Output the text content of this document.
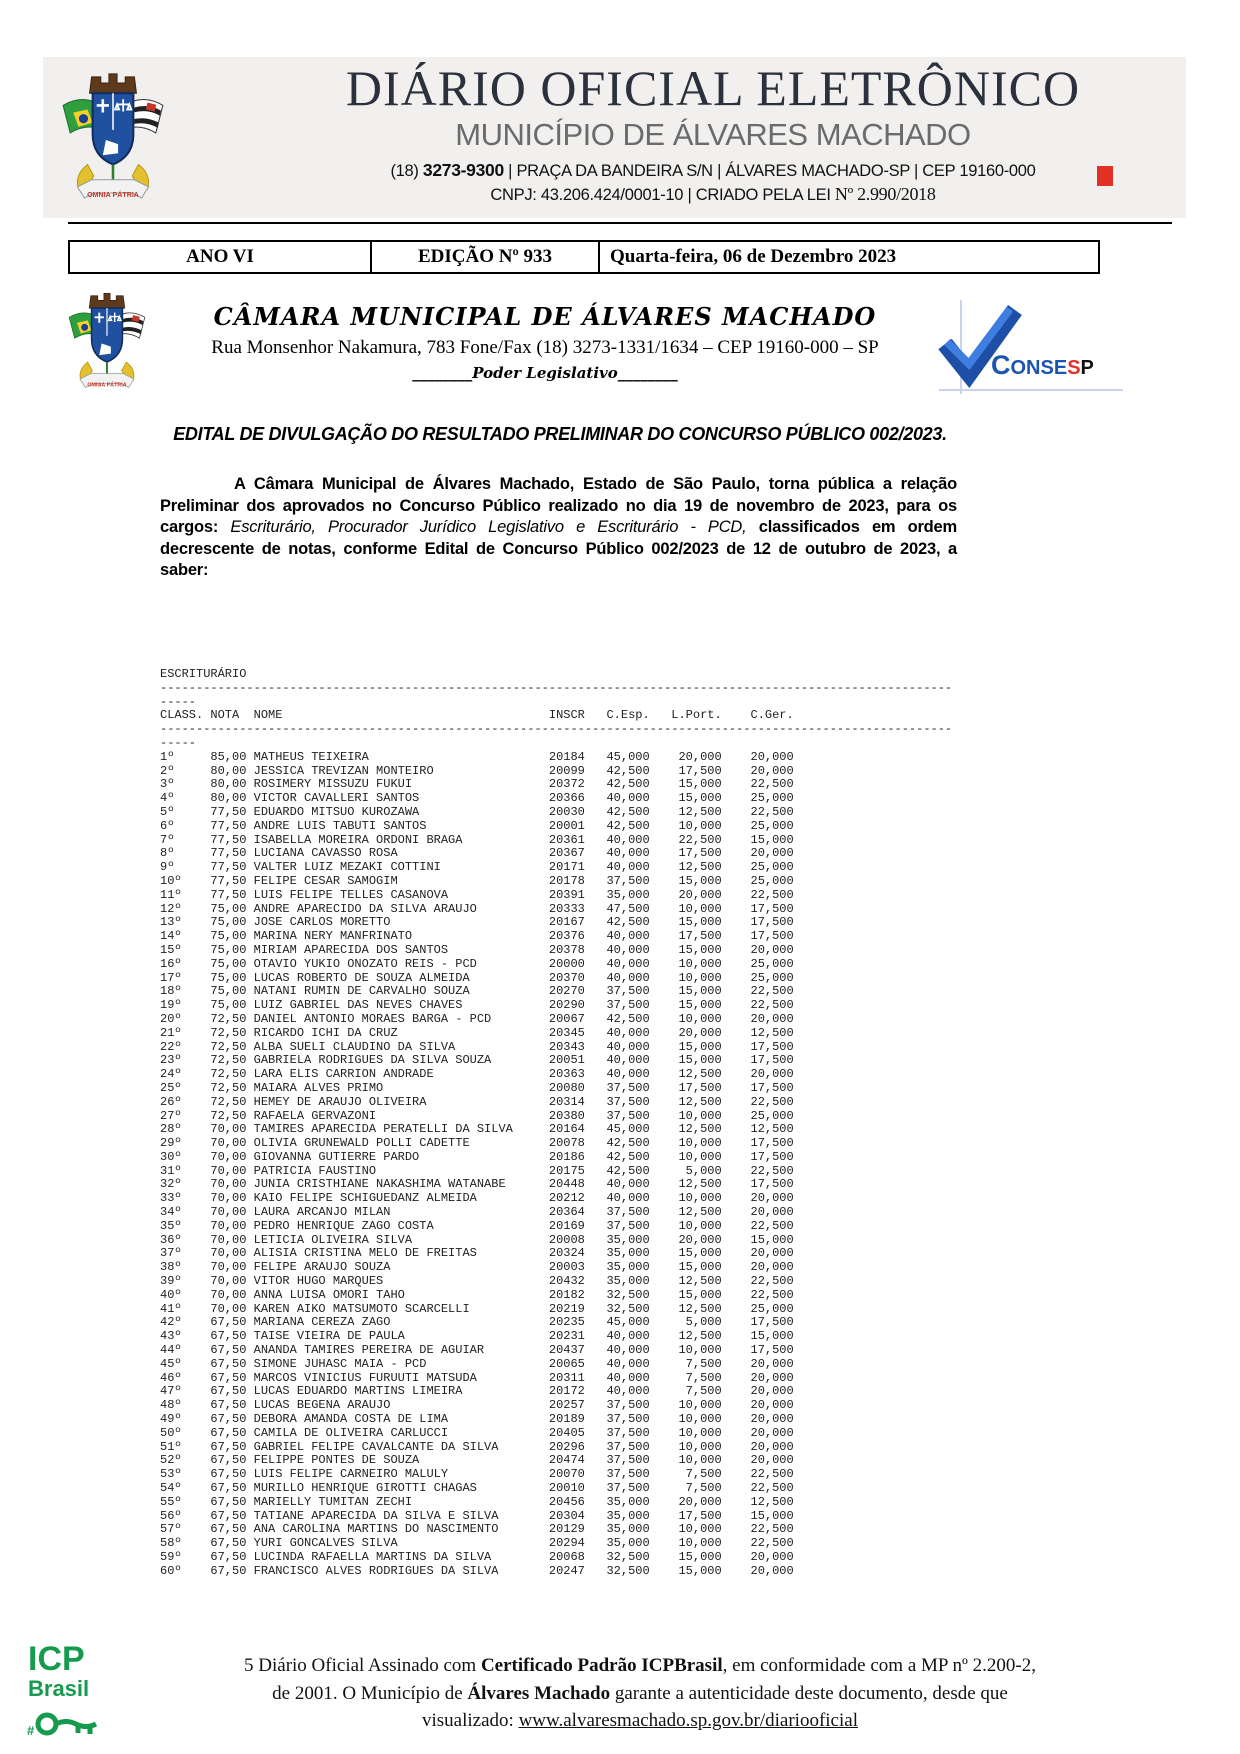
OMNIA PÁTRIA
DIÁRIO OFICIAL ELETRÔNICO
MUNICÍPIO DE ÁLVARES MACHADO
(18) 3273-9300 | PRAÇA DA BANDEIRA S/N | ÁLVARES MACHADO-SP | CEP 19160-000
CNPJ: 43.206.424/0001-10 | CRIADO PELA LEI Nº 2.990/2018
ANO VI	EDIÇÃO Nº 933	Quarta-feira, 06 de Dezembro 2023
OMNIA PÁTRIA
CÂMARA MUNICIPAL DE ÁLVARES MACHADO
Rua Monsenhor Nakamura, 783 Fone/Fax (18) 3273-1331/1634 – CEP 19160-000 – SP
________Poder Legislativo________	CONSESP
EDITAL DE DIVULGAÇÃO DO RESULTADO PRELIMINAR DO CONCURSO PÚBLICO 002/2023.
A Câmara Municipal de Álvares Machado, Estado de São Paulo, torna pública a relação Preliminar dos aprovados no Concurso Público realizado no dia 19 de novembro de 2023, para os cargos: Escriturário, Procurador Jurídico Legislativo e Escriturário - PCD, classificados em ordem decrescente de notas, conforme Edital de Concurso Público 002/2023 de 12 de outubro de 2023, a saber:
ESCRITURÁRIO
--------------------------------------------------------------------------------------------------------------
-----
CLASS. NOTA  NOME                                     INSCR   C.Esp.   L.Port.    C.Ger.
--------------------------------------------------------------------------------------------------------------
-----
1º     85,00 MATHEUS TEIXEIRA                         20184   45,000    20,000    20,000
2º     80,00 JESSICA TREVIZAN MONTEIRO                20099   42,500    17,500    20,000
3º     80,00 ROSIMERY MISSUZU FUKUI                   20372   42,500    15,000    22,500
4º     80,00 VICTOR CAVALLERI SANTOS                  20366   40,000    15,000    25,000
5º     77,50 EDUARDO MITSUO KUROZAWA                  20030   42,500    12,500    22,500
6º     77,50 ANDRE LUIS TABUTI SANTOS                 20001   42,500    10,000    25,000
7º     77,50 ISABELLA MOREIRA ORDONI BRAGA            20361   40,000    22,500    15,000
8º     77,50 LUCIANA CAVASSO ROSA                     20367   40,000    17,500    20,000
9º     77,50 VALTER LUIZ MEZAKI COTTINI               20171   40,000    12,500    25,000
10º    77,50 FELIPE CESAR SAMOGIM                     20178   37,500    15,000    25,000
11º    77,50 LUIS FELIPE TELLES CASANOVA              20391   35,000    20,000    22,500
12º    75,00 ANDRE APARECIDO DA SILVA ARAUJO          20333   47,500    10,000    17,500
13º    75,00 JOSE CARLOS MORETTO                      20167   42,500    15,000    17,500
14º    75,00 MARINA NERY MANFRINATO                   20376   40,000    17,500    17,500
15º    75,00 MIRIAM APARECIDA DOS SANTOS              20378   40,000    15,000    20,000
16º    75,00 OTAVIO YUKIO ONOZATO REIS - PCD          20000   40,000    10,000    25,000
17º    75,00 LUCAS ROBERTO DE SOUZA ALMEIDA           20370   40,000    10,000    25,000
18º    75,00 NATANI RUMIN DE CARVALHO SOUZA           20270   37,500    15,000    22,500
19º    75,00 LUIZ GABRIEL DAS NEVES CHAVES            20290   37,500    15,000    22,500
20º    72,50 DANIEL ANTONIO MORAES BARGA - PCD        20067   42,500    10,000    20,000
21º    72,50 RICARDO ICHI DA CRUZ                     20345   40,000    20,000    12,500
22º    72,50 ALBA SUELI CLAUDINO DA SILVA             20343   40,000    15,000    17,500
23º    72,50 GABRIELA RODRIGUES DA SILVA SOUZA        20051   40,000    15,000    17,500
24º    72,50 LARA ELIS CARRION ANDRADE                20363   40,000    12,500    20,000
25º    72,50 MAIARA ALVES PRIMO                       20080   37,500    17,500    17,500
26º    72,50 HEMEY DE ARAUJO OLIVEIRA                 20314   37,500    12,500    22,500
27º    72,50 RAFAELA GERVAZONI                        20380   37,500    10,000    25,000
28º    70,00 TAMIRES APARECIDA PERATELLI DA SILVA     20164   45,000    12,500    12,500
29º    70,00 OLIVIA GRUNEWALD POLLI CADETTE           20078   42,500    10,000    17,500
30º    70,00 GIOVANNA GUTIERRE PARDO                  20186   42,500    10,000    17,500
31º    70,00 PATRICIA FAUSTINO                        20175   42,500     5,000    22,500
32º    70,00 JUNIA CRISTHIANE NAKASHIMA WATANABE      20448   40,000    12,500    17,500
33º    70,00 KAIO FELIPE SCHIGUEDANZ ALMEIDA          20212   40,000    10,000    20,000
34º    70,00 LAURA ARCANJO MILAN                      20364   37,500    12,500    20,000
35º    70,00 PEDRO HENRIQUE ZAGO COSTA                20169   37,500    10,000    22,500
36º    70,00 LETICIA OLIVEIRA SILVA                   20008   35,000    20,000    15,000
37º    70,00 ALISIA CRISTINA MELO DE FREITAS          20324   35,000    15,000    20,000
38º    70,00 FELIPE ARAUJO SOUZA                      20003   35,000    15,000    20,000
39º    70,00 VITOR HUGO MARQUES                       20432   35,000    12,500    22,500
40º    70,00 ANNA LUISA OMORI TAHO                    20182   32,500    15,000    22,500
41º    70,00 KAREN AIKO MATSUMOTO SCARCELLI           20219   32,500    12,500    25,000
42º    67,50 MARIANA CEREZA ZAGO                      20235   45,000     5,000    17,500
43º    67,50 TAISE VIEIRA DE PAULA                    20231   40,000    12,500    15,000
44º    67,50 ANANDA TAMIRES PEREIRA DE AGUIAR         20437   40,000    10,000    17,500
45º    67,50 SIMONE JUHASC MAIA - PCD                 20065   40,000     7,500    20,000
46º    67,50 MARCOS VINICIUS FURUUTI MATSUDA          20311   40,000     7,500    20,000
47º    67,50 LUCAS EDUARDO MARTINS LIMEIRA            20172   40,000     7,500    20,000
48º    67,50 LUCAS BEGENA ARAUJO                      20257   37,500    10,000    20,000
49º    67,50 DEBORA AMANDA COSTA DE LIMA              20189   37,500    10,000    20,000
50º    67,50 CAMILA DE OLIVEIRA CARLUCCI              20405   37,500    10,000    20,000
51º    67,50 GABRIEL FELIPE CAVALCANTE DA SILVA       20296   37,500    10,000    20,000
52º    67,50 FELIPPE PONTES DE SOUZA                  20474   37,500    10,000    20,000
53º    67,50 LUIS FELIPE CARNEIRO MALULY              20070   37,500     7,500    22,500
54º    67,50 MURILLO HENRIQUE GIROTTI CHAGAS          20010   37,500     7,500    22,500
55º    67,50 MARIELLY TUMITAN ZECHI                   20456   35,000    20,000    12,500
56º    67,50 TATIANE APARECIDA DA SILVA E SILVA       20304   35,000    17,500    15,000
57º    67,50 ANA CAROLINA MARTINS DO NASCIMENTO       20129   35,000    10,000    22,500
58º    67,50 YURI GONCALVES SILVA                     20294   35,000    10,000    22,500
59º    67,50 LUCINDA RAFAELLA MARTINS DA SILVA        20068   32,500    15,000    20,000
60º    67,50 FRANCISCO ALVES RODRIGUES DA SILVA       20247   32,500    15,000    20,000
ICP
Brasil
#
5 Diário Oficial Assinado com Certificado Padrão ICPBrasil, em conformidade com a MP nº 2.200-2,
de 2001. O Município de Álvares Machado garante a autenticidade deste documento, desde que
visualizado: www.alvaresmachado.sp.gov.br/diariooficial
